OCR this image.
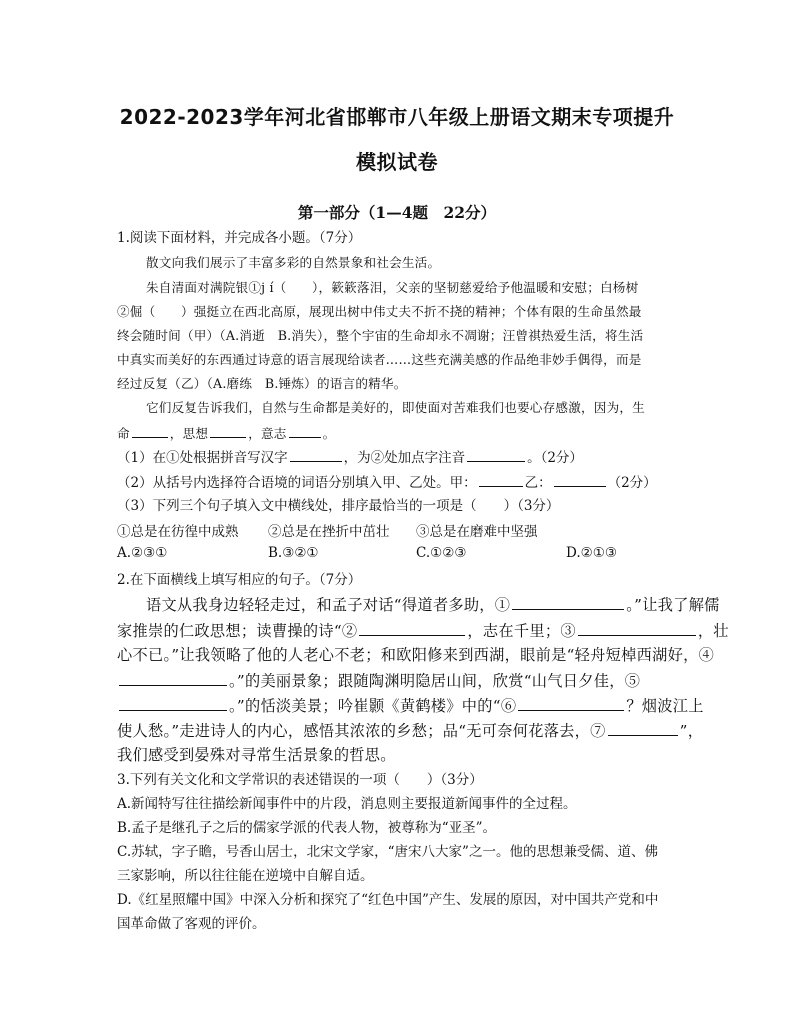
2022-2023学年河北省邯郸市八年级上册语文期末专项提升
模拟试卷
第一部分（1—4题　22分）
1.阅读下面材料，并完成各小题。（7分）
散文向我们展示了丰富多彩的自然景象和社会生活。
朱自清面对满院银①j í（　　），簌簌落泪，父亲的坚韧慈爱给予他温暖和安慰；白杨树
②倔（　　）强挺立在西北高原，展现出树中伟丈夫不折不挠的精神；个体有限的生命虽然最
终会随时间（甲）（A.消逝　B.消失），整个宇宙的生命却永不凋谢；汪曾祺热爱生活，将生活
中真实而美好的东西通过诗意的语言展现给读者……这些充满美感的作品绝非妙手偶得，而是
经过反复（乙）（A.磨练　B.锤炼）的语言的精华。
它们反复告诉我们，自然与生命都是美好的，即使面对苦难我们也要心存感激，因为，生
命	，思想	，意志	。
（1）在①处根据拼音写汉字	，为②处加点字注音	。（2分）
（2）从括号内选择符合语境的词语分别填入甲、乙处。甲：	乙：	（2分）
（3）下列三个句子填入文中横线处，排序最恰当的一项是（　　）（3分）
①总是在彷徨中成熟 ②总是在挫折中茁壮 ③总是在磨难中坚强
A.②③①	B.③②①	C.①②③	D.②①③
2.在下面横线上填写相应的句子。（7分）
语文从我身边轻轻走过，和孟子对话“得道者多助，①	。”让我了解儒
家推崇的仁政思想；读曹操的诗“②	，志在千里；③	，壮
心不已。”让我领略了他的人老心不老；和欧阳修来到西湖，眼前是“轻舟短棹西湖好，④
。”的美丽景象；跟随陶渊明隐居山间，欣赏“山气日夕佳，⑤
。”的恬淡美景；吟崔颢《黄鹤楼》中的“⑥	？烟波江上
使人愁。”走进诗人的内心，感悟其浓浓的乡愁；品“无可奈何花落去，⑦	”，
我们感受到晏殊对寻常生活景象的哲思。
3.下列有关文化和文学常识的表述错误的一项（　　）（3分）
A.新闻特写往往描绘新闻事件中的片段，消息则主要报道新闻事件的全过程。
B.孟子是继孔子之后的儒家学派的代表人物，被尊称为“亚圣”。
C.苏轼，字子瞻，号香山居士，北宋文学家，“唐宋八大家”之一。他的思想兼受儒、道、佛
三家影响，所以往往能在逆境中自解自适。
D.《红星照耀中国》中深入分析和探究了“红色中国”产生、发展的原因，对中国共产党和中
国革命做了客观的评价。
